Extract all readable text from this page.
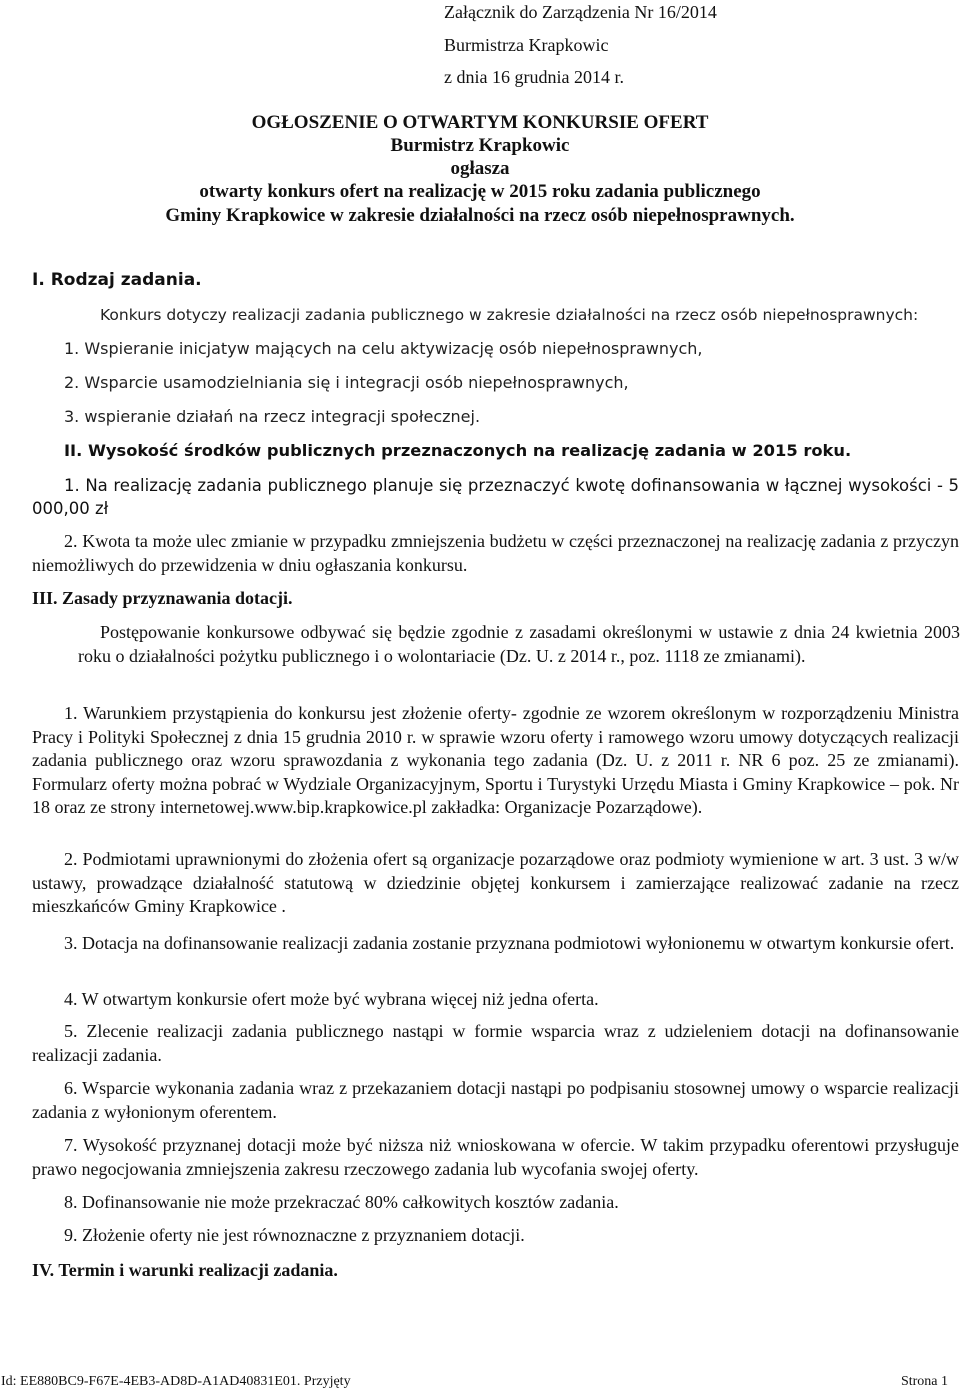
Załącznik do Zarządzenia Nr 16/2014
Burmistrza Krapkowic
z dnia 16 grudnia 2014 r.
OGŁOSZENIE O OTWARTYM KONKURSIE OFERT
Burmistrz Krapkowic
ogłasza
otwarty konkurs ofert na realizację w 2015 roku zadania publicznego
Gminy Krapkowice w zakresie działalności na rzecz osób niepełnosprawnych.
I. Rodzaj zadania.
Konkurs dotyczy realizacji zadania publicznego w zakresie działalności na rzecz osób niepełnosprawnych:
1. Wspieranie inicjatyw mających na celu aktywizację osób niepełnosprawnych,
2. Wsparcie usamodzielniania się i integracji osób niepełnosprawnych,
3. wspieranie działań na rzecz integracji społecznej.
II. Wysokość środków publicznych przeznaczonych na realizację zadania w 2015 roku.
1. Na realizację zadania publicznego planuje się przeznaczyć kwotę dofinansowania w łącznej wysokości - 5 000,00 zł
2. Kwota ta może ulec zmianie w przypadku zmniejszenia budżetu w części przeznaczonej na realizację zadania z przyczyn niemożliwych do przewidzenia w dniu ogłaszania konkursu.
III. Zasady przyznawania dotacji.
Postępowanie konkursowe odbywać się będzie zgodnie z zasadami określonymi w ustawie z dnia 24 kwietnia 2003 roku o działalności pożytku publicznego i o wolontariacie (Dz. U. z 2014 r., poz. 1118 ze zmianami).
1. Warunkiem przystąpienia do konkursu jest złożenie oferty- zgodnie ze wzorem określonym w rozporządzeniu Ministra Pracy i Polityki Społecznej z dnia 15 grudnia 2010 r. w sprawie wzoru oferty i ramowego wzoru umowy dotyczących realizacji zadania publicznego oraz wzoru sprawozdania z wykonania tego zadania (Dz. U. z 2011 r. NR 6 poz. 25 ze zmianami). Formularz oferty można pobrać w Wydziale Organizacyjnym, Sportu i Turystyki Urzędu Miasta i Gminy Krapkowice – pok. Nr 18 oraz ze strony internetowej.www.bip.krapkowice.pl zakładka: Organizacje Pozarządowe).
2. Podmiotami uprawnionymi do złożenia ofert są organizacje pozarządowe oraz podmioty wymienione w art. 3 ust. 3 w/w ustawy, prowadzące działalność statutową w dziedzinie objętej konkursem i zamierzające realizować zadanie na rzecz mieszkańców Gminy Krapkowice .
3. Dotacja na dofinansowanie realizacji zadania zostanie przyznana podmiotowi wyłonionemu w otwartym konkursie ofert.
4. W otwartym konkursie ofert może być wybrana więcej niż jedna oferta.
5. Zlecenie realizacji zadania publicznego nastąpi w formie wsparcia wraz z udzieleniem dotacji na dofinansowanie realizacji zadania.
6. Wsparcie wykonania zadania wraz z przekazaniem dotacji nastąpi po podpisaniu stosownej umowy o wsparcie realizacji zadania z wyłonionym oferentem.
7. Wysokość przyznanej dotacji może być niższa niż wnioskowana w ofercie. W takim przypadku oferentowi przysługuje prawo negocjowania zmniejszenia zakresu rzeczowego zadania lub wycofania swojej oferty.
8. Dofinansowanie nie może przekraczać 80% całkowitych kosztów zadania.
9. Złożenie oferty nie jest równoznaczne z przyznaniem dotacji.
IV. Termin i warunki realizacji zadania.
Id: EE880BC9-F67E-4EB3-AD8D-A1AD40831E01. Przyjęty	Strona 1
